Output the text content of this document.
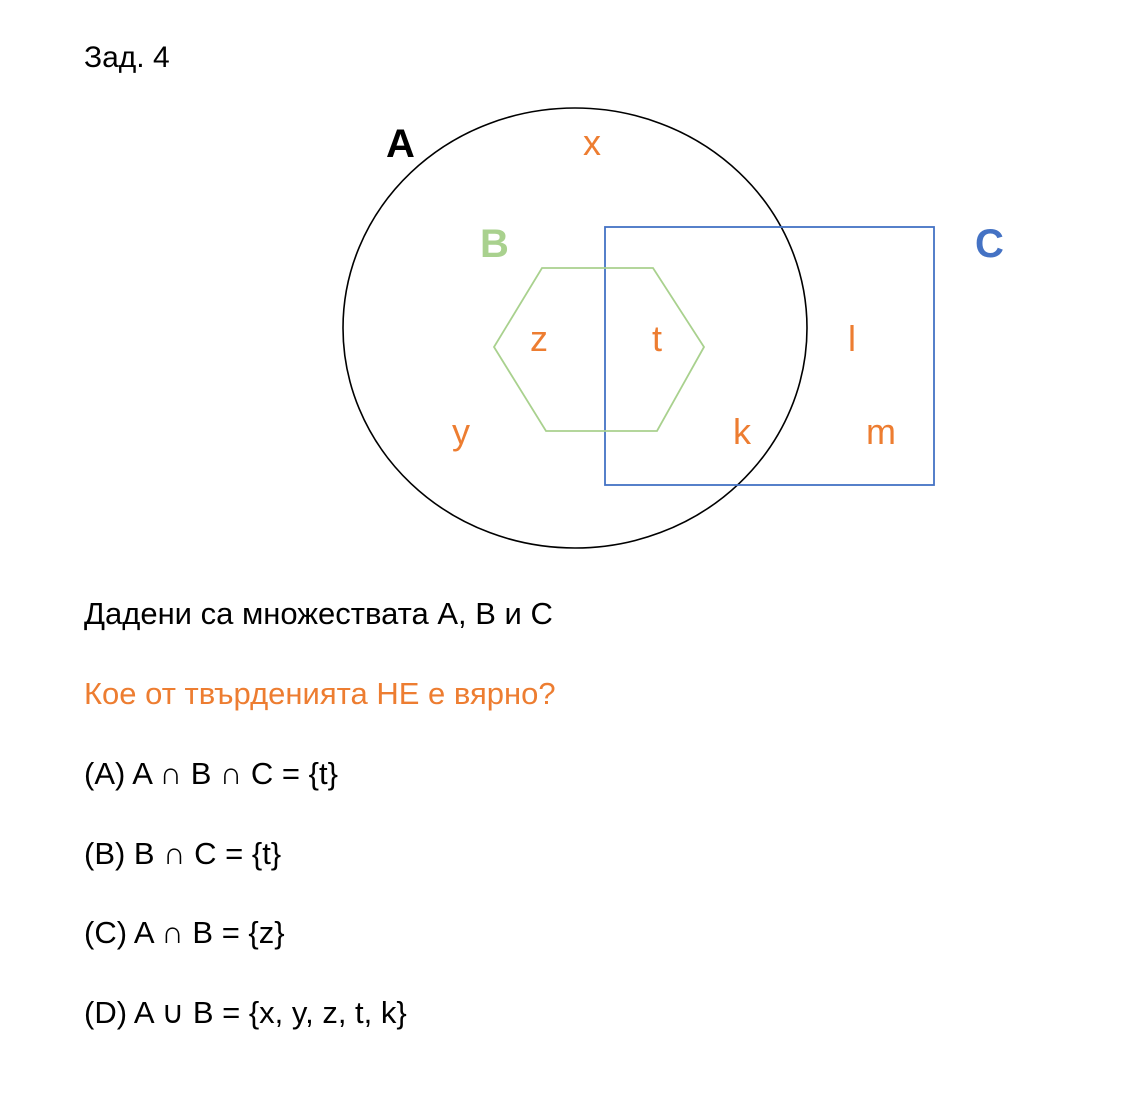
Зад. 4
A
B	C
x
z	t	l
y	k	m
Дадени са множествата A, B и C
Кое от твърденията НЕ е вярно?
(A) A ∩ B ∩ C = {t}
(B) B ∩ C = {t}
(C) A ∩ B = {z}
(D) A ∪ B = {x, y, z, t, k}
